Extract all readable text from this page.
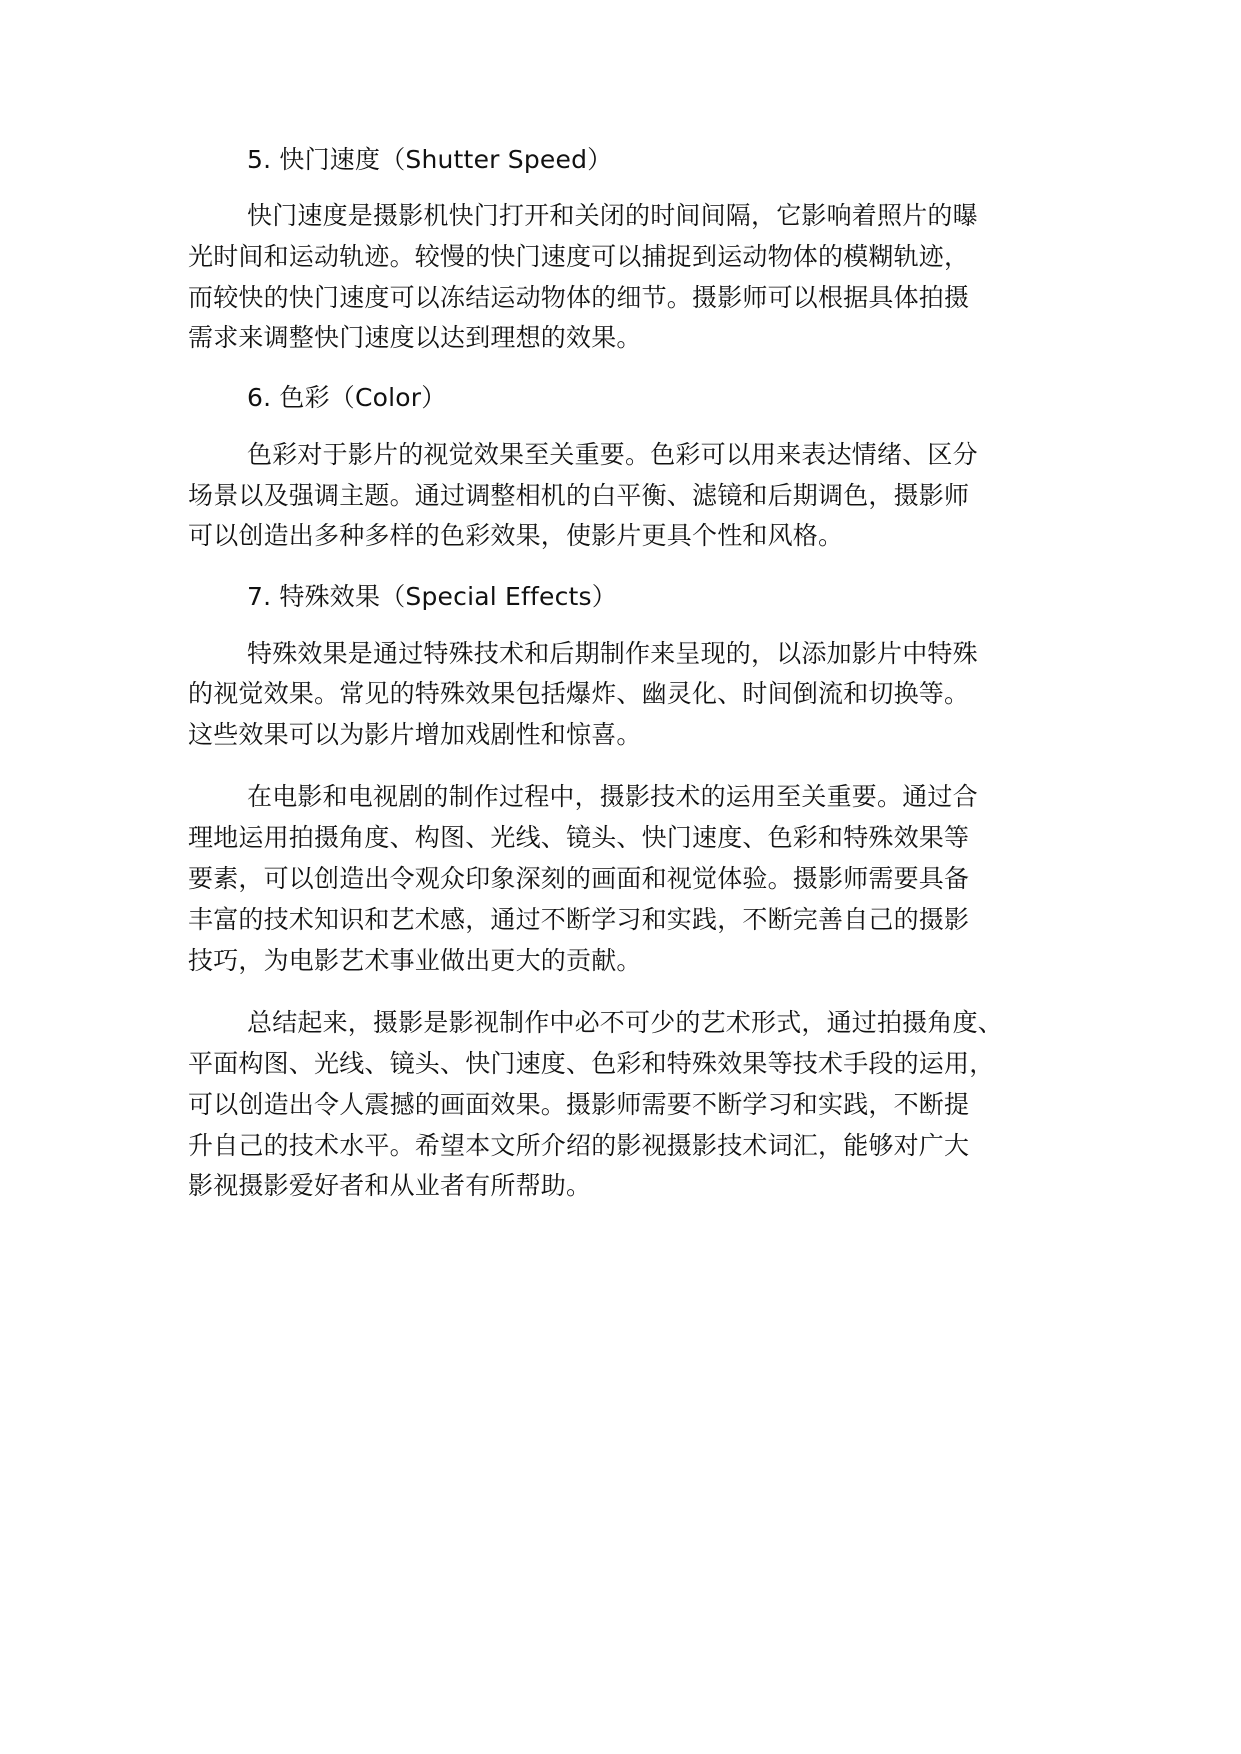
5. 快门速度（Shutter Speed）
快门速度是摄影机快门打开和关闭的时间间隔，它影响着照片的曝
光时间和运动轨迹。较慢的快门速度可以捕捉到运动物体的模糊轨迹，
而较快的快门速度可以冻结运动物体的细节。摄影师可以根据具体拍摄
需求来调整快门速度以达到理想的效果。
6. 色彩（Color）
色彩对于影片的视觉效果至关重要。色彩可以用来表达情绪、区分
场景以及强调主题。通过调整相机的白平衡、滤镜和后期调色，摄影师
可以创造出多种多样的色彩效果，使影片更具个性和风格。
7. 特殊效果（Special Effects）
特殊效果是通过特殊技术和后期制作来呈现的，以添加影片中特殊
的视觉效果。常见的特殊效果包括爆炸、幽灵化、时间倒流和切换等。
这些效果可以为影片增加戏剧性和惊喜。
在电影和电视剧的制作过程中，摄影技术的运用至关重要。通过合
理地运用拍摄角度、构图、光线、镜头、快门速度、色彩和特殊效果等
要素，可以创造出令观众印象深刻的画面和视觉体验。摄影师需要具备
丰富的技术知识和艺术感，通过不断学习和实践，不断完善自己的摄影
技巧，为电影艺术事业做出更大的贡献。
总结起来，摄影是影视制作中必不可少的艺术形式，通过拍摄角度、
平面构图、光线、镜头、快门速度、色彩和特殊效果等技术手段的运用，
可以创造出令人震撼的画面效果。摄影师需要不断学习和实践，不断提
升自己的技术水平。希望本文所介绍的影视摄影技术词汇，能够对广大
影视摄影爱好者和从业者有所帮助。
